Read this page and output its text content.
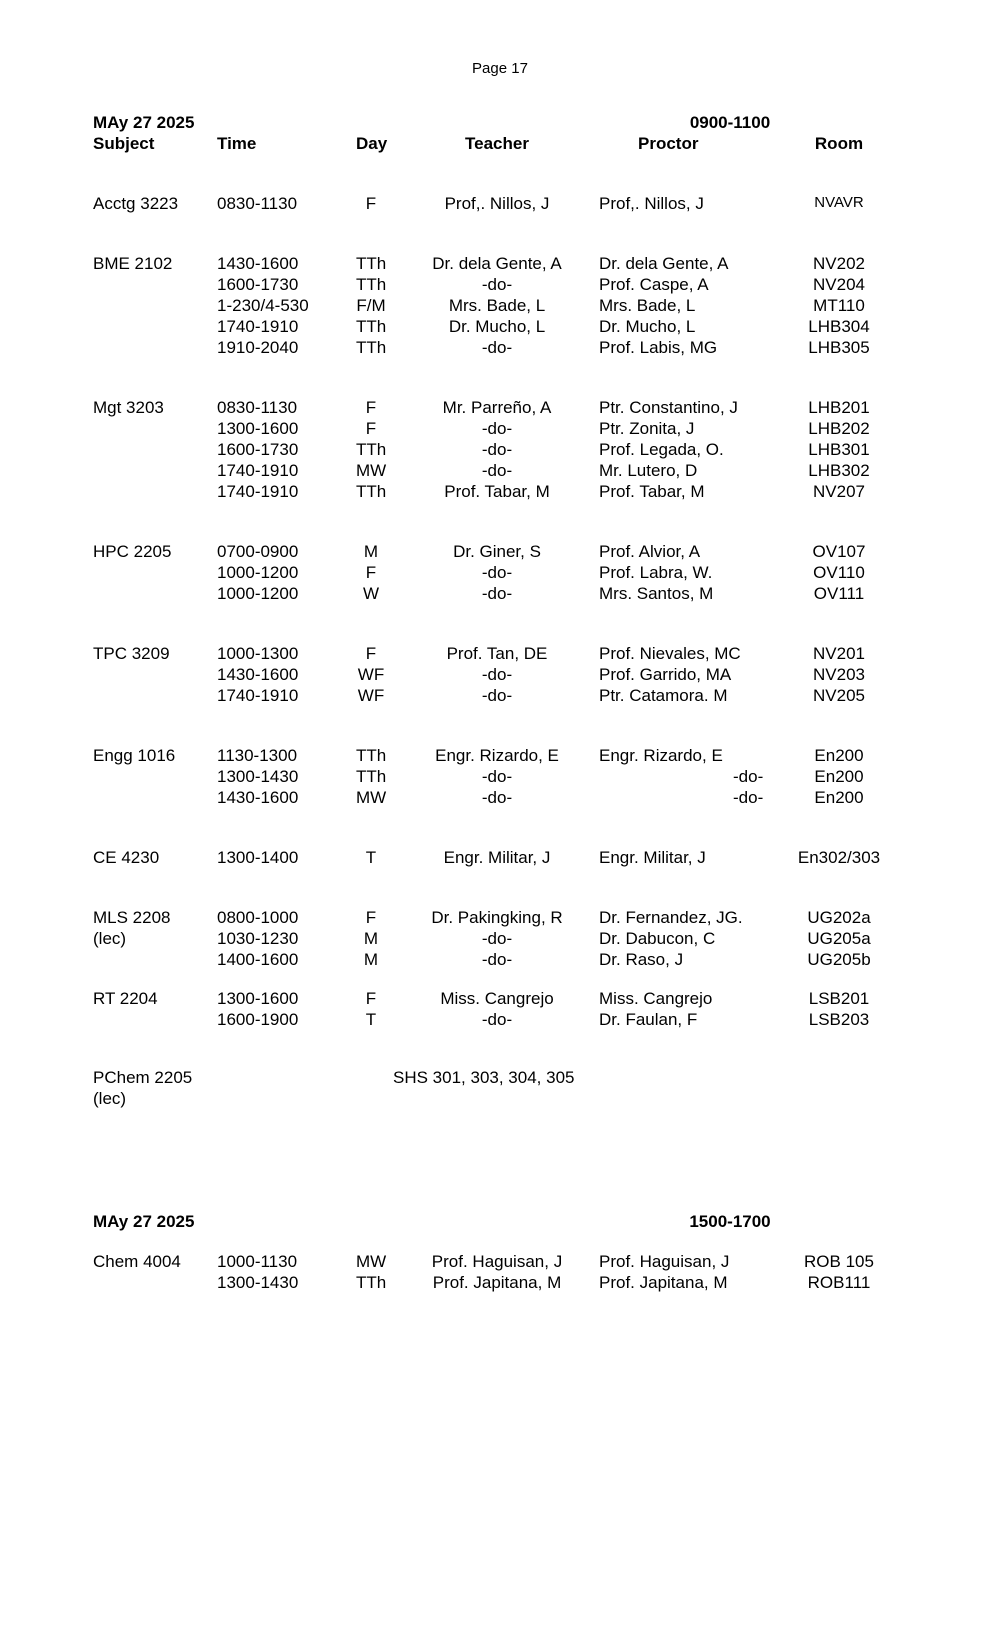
Page 17
MAy 27 2025	0900-1100
Subject	Time	Day	Teacher	Proctor	Room
Acctg 3223 0830-1130	F	Prof,. Nillos, J	Prof,. Nillos, J	NVAVR
BME 2102	1430-1600	TTh	Dr. dela Gente, A	Dr. dela Gente, A	NV202
1600-1730	TTh	-do-	Prof. Caspe, A	NV204
1-230/4-530	F/M	Mrs. Bade, L	Mrs. Bade, L	MT110
1740-1910	TTh	Dr. Mucho, L	Dr. Mucho, L	LHB304
1910-2040	TTh	-do-	Prof. Labis, MG	LHB305
Mgt 3203	0830-1130	F	Mr. Parreño, A	Ptr. Constantino, J	LHB201
1300-1600	F	-do-	Ptr. Zonita, J	LHB202
1600-1730	TTh	-do-	Prof. Legada, O.	LHB301
1740-1910	MW	-do-	Mr. Lutero, D	LHB302
1740-1910	TTh	Prof. Tabar, M	Prof. Tabar, M	NV207
HPC 2205	0700-0900	M	Dr. Giner, S	Prof. Alvior, A	OV107
1000-1200	F	-do-	Prof. Labra, W.	OV110
1000-1200	W	-do-	Mrs. Santos, M	OV111
TPC 3209	1000-1300	F	Prof. Tan, DE	Prof. Nievales, MC	NV201
1430-1600	WF	-do-	Prof. Garrido, MA	NV203
1740-1910	WF	-do-	Ptr. Catamora. M	NV205
Engg 1016 1130-1300	TTh	Engr. Rizardo, E	Engr. Rizardo, E	En200
1300-1430	TTh	-do-	-do-	En200
1430-1600	MW	-do-	-do-	En200
CE 4230	1300-1400	T	Engr. Militar, J	Engr. Militar, J	En302/303
MLS 2208	0800-1000	F	Dr. Pakingking, R	Dr. Fernandez, JG.	UG202a
(lec)	1030-1230	M	-do-	Dr. Dabucon, C	UG205a
1400-1600	M	-do-	Dr. Raso, J	UG205b
RT 2204	1300-1600	F	Miss. Cangrejo	Miss. Cangrejo	LSB201
1600-1900	T	-do-	Dr. Faulan, F	LSB203
PChem 2205	SHS 301, 303, 304, 305
(lec)
MAy 27 2025	1500-1700
Chem 4004 1000-1130	MW	Prof. Haguisan, J	Prof. Haguisan, J	ROB 105
1300-1430	TTh	Prof. Japitana, M	Prof. Japitana, M	ROB111
